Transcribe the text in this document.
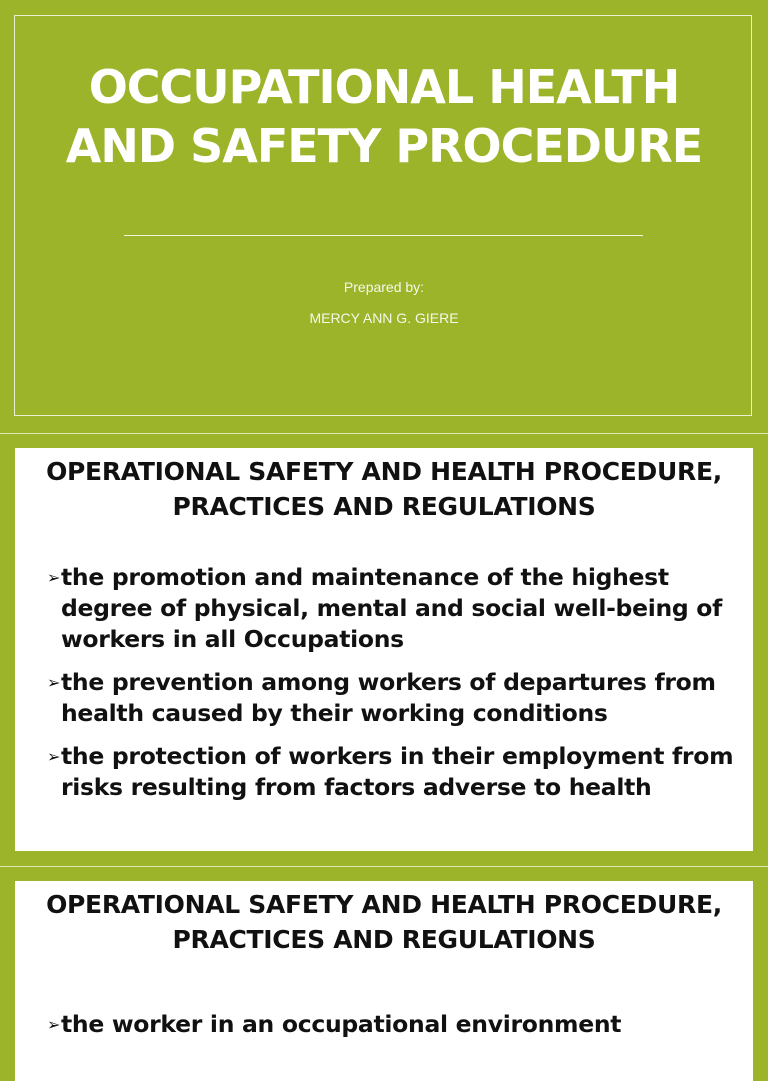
OCCUPATIONAL HEALTH AND SAFETY PROCEDURE
Prepared by:
MERCY ANN G. GIERE
OPERATIONAL SAFETY AND HEALTH PROCEDURE, PRACTICES AND REGULATIONS
➢ the promotion and maintenance of the highest degree of physical, mental and social well-being of workers in all Occupations
➢ the prevention among workers of departures from health caused by their working conditions
➢ the protection of workers in their employment from risks resulting from factors adverse to health
OPERATIONAL SAFETY AND HEALTH PROCEDURE, PRACTICES AND REGULATIONS
➢ the worker in an occupational environment
